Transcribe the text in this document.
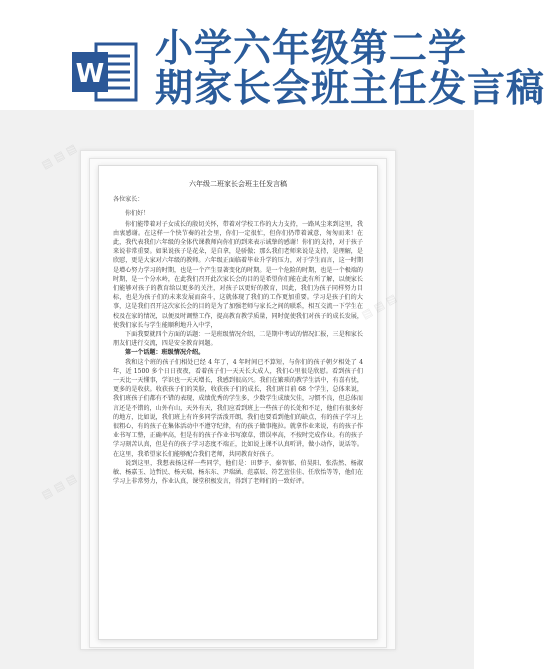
W
小学六年级第二学
期家长会班主任发言稿
六年级二班家长会班主任发言稿
各位家长：
你们好！
你们能带着对子女成长的殷切关怀，带着对学校工作的大力支持，一路风尘来到这里，我由衷感谢。在这样一个快节奏的社会里，你们一定很忙，但你们仍带着诚意，匆匆而来！在此，我代表我们六年级的全体代课教师向你们的到来表示诚挚的感谢！你们的支持，对于孩子来说非常重要。如果说孩子是花朵，是自拿，是骄傲；那么我们老师来说是支持，是理解，是欣慰，更是大家对六年级的教师。六年级正面临着毕业升学的压力，对于学生而言，这一时期是增心努力学习的时期，也是一个产生显著变化的时期。是一个危险的时期，也是一个极端的时期，是一个分水岭，在此我们召开此次家长会的目的是希望你们能在此有所了解，以便家长们能够对孩子的教育给以更多的关注，对孩子以更好的教育，因此，我们为孩子同样努力目标，也是为孩子们的未来发展而奋斗，这就体现了我们的工作更加重要。学习是孩子们的大事，这是我们召开这次家长会的目的是为了加强老师与家长之间的联系，相互交流一下学生在校及在家的情况，以便及时调整工作，提高教育教学质量，同时促使我们对孩子的成长发展，使我们家长与学生能顺利地升入中学，
下面我要就四个方面的话题：一是班级情况介绍，二是期中考试的情况汇报，三是和家长朋友们进行交流，四是安全教育问题。
第一个话题：班级情况介绍。
我和这个班的孩子们相处已经 4 年了，4 年时间已不算短，与你们的孩子朝夕相处了 4 年，近 1500 多个日日夜夜，看着孩子们一天天长大成人，我们心里很是欣慰。看到孩子们一天比一天懂事，学识也一天天增长，我感到很高兴。我们在繁琐的教学生活中，有喜有忧，更多的是收获。收获孩子们的笑脸，收获孩子们的成长，我们班目前 68 个学生，总体来说，我们班孩子们都有不错的表现，成绩优秀的学生多，少数学生成绩欠佳，习惯不良，但总体而言还是不错的，山外有山，天外有天，我们应看到班上一些孩子的长处和不足，他们有很多好的地方，比如说，我们班上有许多同学活泼开朗，我们也要看到他们的缺点，有的孩子学习上很粗心，有的孩子在集体活动中不遵守纪律，有的孩子做事拖拉。就拿作业来说，有的孩子作业书写工整，正确率高，但是有的孩子作业书写潦草，错误率高，不按时完成作业。有的孩子学习刻苦认真，但是有的孩子学习态度不端正，比如说上课不认真听讲，做小动作，说话等。在这里，我希望家长们能够配合我们老师，共同教育好孩子。
说到这里，我想表扬这样一些同学，他们是：田梦予、秦智郁、伯昊阳、张浩然、杨淑敏、杨嘉玉、边哲民、杨天瑞、杨东东、尹瑞涵、范嘉辰、符艺萱佳佳、任欣怡等等，他们在学习上非常努力，作业认真，课堂积极发言，得到了老师们的一致好评。
▧ ▧ ▧
▧ ▧ ▧
▧ ▧ ▧
